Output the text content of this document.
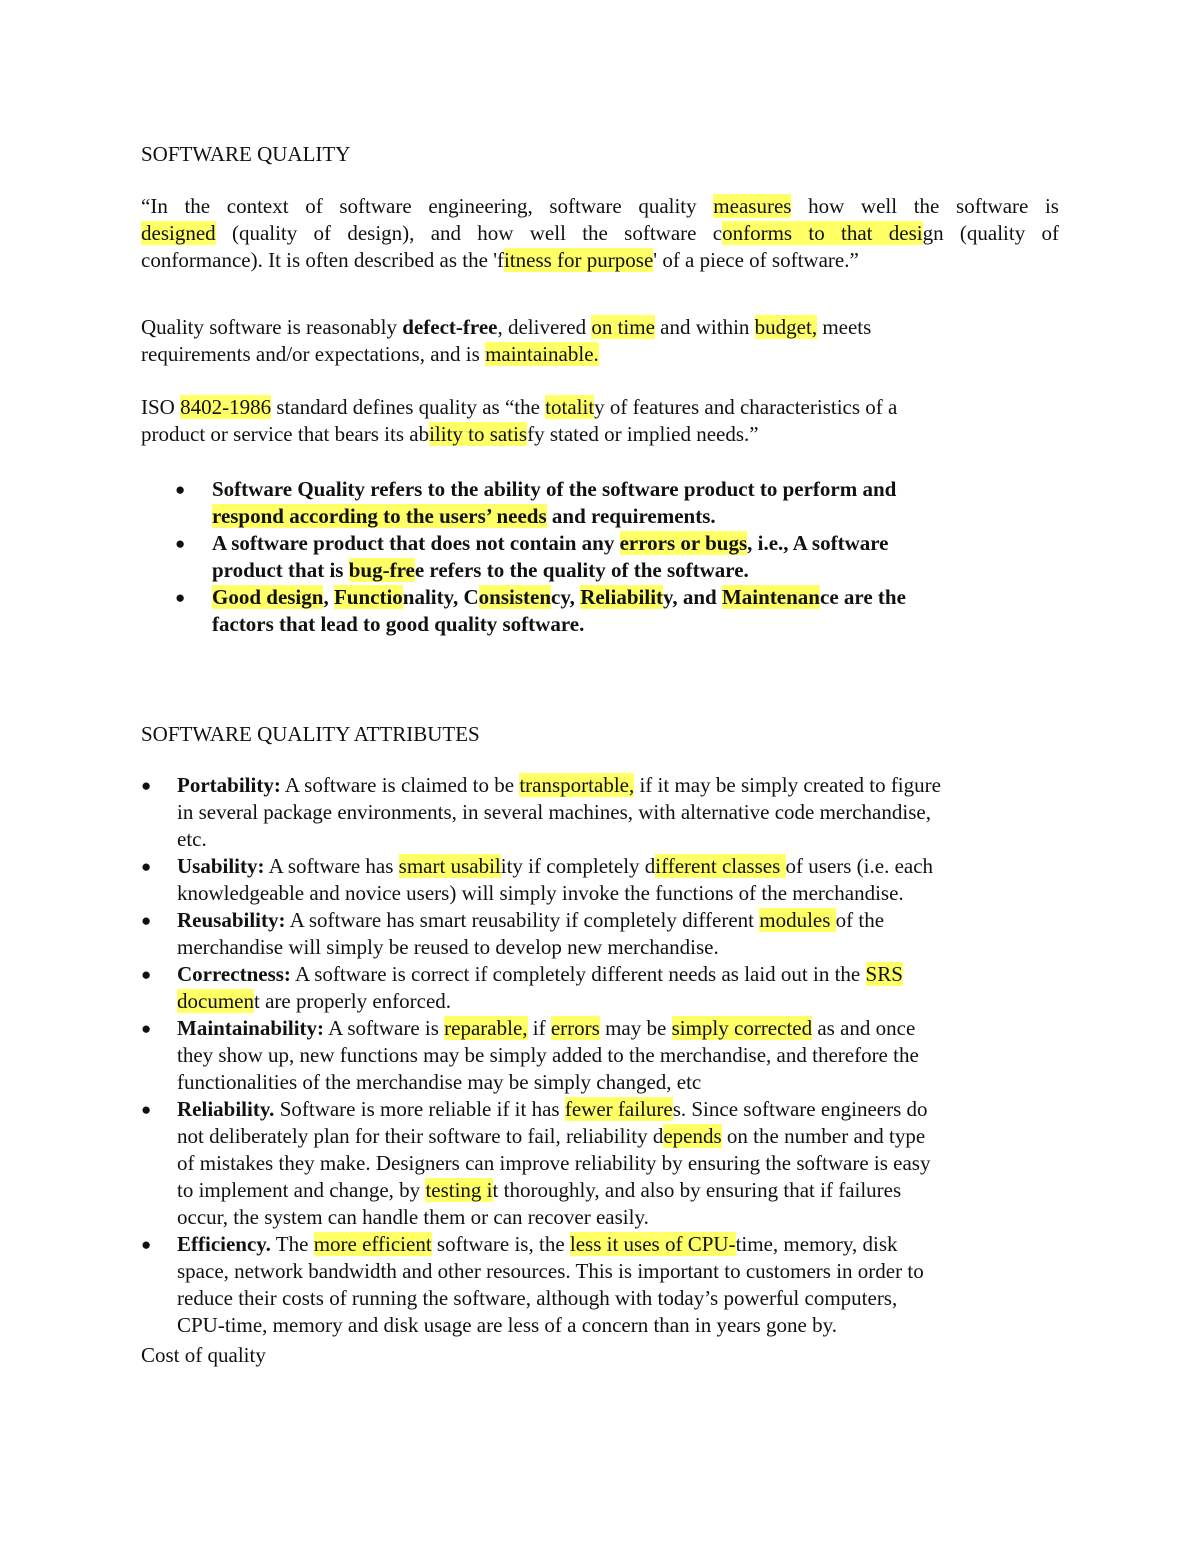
SOFTWARE QUALITY
“In the context of software engineering, software quality measures how well the software is
designed (quality of design), and how well the software conforms to that design (quality of
conformance). It is often described as the 'fitness for purpose' of a piece of software.”
Quality software is reasonably defect-free, delivered on time and within budget, meets
requirements and/or expectations, and is maintainable.
ISO 8402-1986 standard defines quality as “the totality of features and characteristics of a
product or service that bears its ability to satisfy stated or implied needs.”
● Software Quality refers to the ability of the software product to perform and
respond according to the users’ needs and requirements.
● A software product that does not contain any errors or bugs, i.e., A software
product that is bug-free refers to the quality of the software.
● Good design, Functionality, Consistency, Reliability, and Maintenance are the
factors that lead to good quality software.
SOFTWARE QUALITY ATTRIBUTES
● Portability: A software is claimed to be transportable, if it may be simply created to figure
in several package environments, in several machines, with alternative code merchandise,
etc.
● Usability: A software has smart usability if completely different classes of users (i.e. each
knowledgeable and novice users) will simply invoke the functions of the merchandise.
● Reusability: A software has smart reusability if completely different modules of the
merchandise will simply be reused to develop new merchandise.
● Correctness: A software is correct if completely different needs as laid out in the SRS
document are properly enforced.
● Maintainability: A software is reparable, if errors may be simply corrected as and once
they show up, new functions may be simply added to the merchandise, and therefore the
functionalities of the merchandise may be simply changed, etc
● Reliability. Software is more reliable if it has fewer failures. Since software engineers do
not deliberately plan for their software to fail, reliability depends on the number and type
of mistakes they make. Designers can improve reliability by ensuring the software is easy
to implement and change, by testing it thoroughly, and also by ensuring that if failures
occur, the system can handle them or can recover easily.
● Efficiency. The more efficient software is, the less it uses of CPU-time, memory, disk
space, network bandwidth and other resources. This is important to customers in order to
reduce their costs of running the software, although with today’s powerful computers,
CPU-time, memory and disk usage are less of a concern than in years gone by.
Cost of quality
